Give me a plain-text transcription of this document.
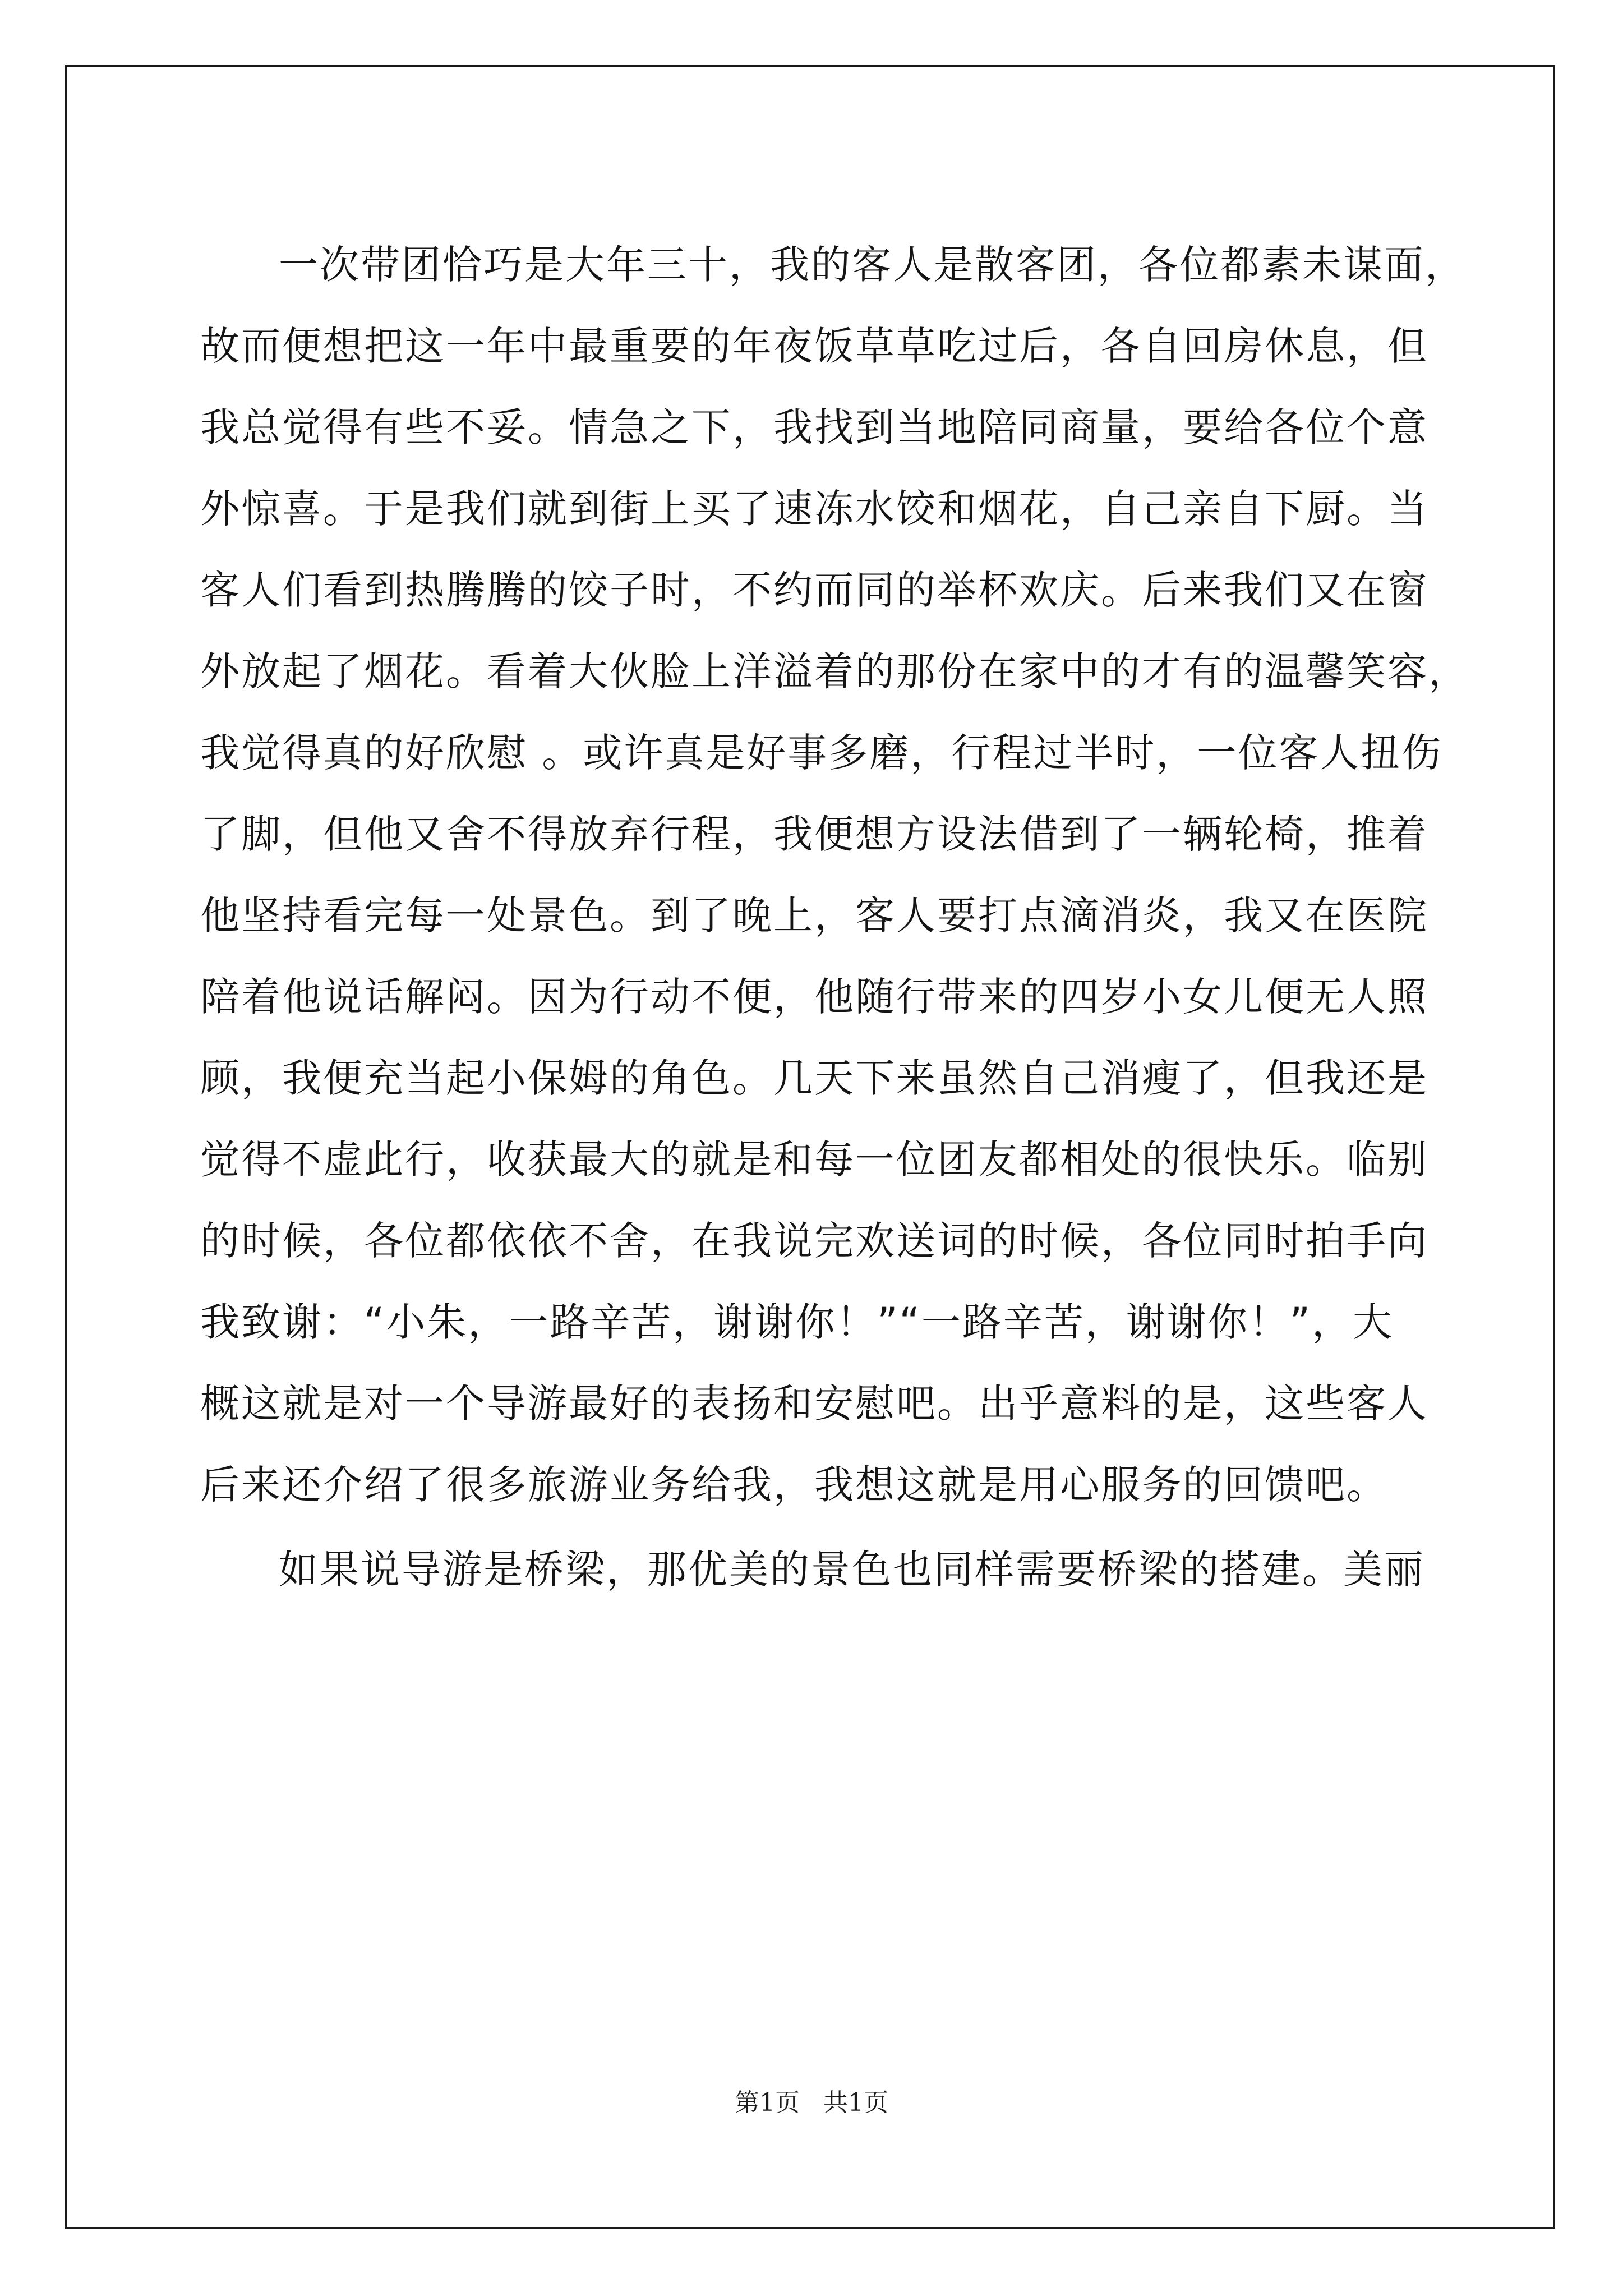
一次带团恰巧是大年三十，我的客人是散客团，各位都素未谋面，
故而便想把这一年中最重要的年夜饭草草吃过后，各自回房休息，但
我总觉得有些不妥。情急之下，我找到当地陪同商量，要给各位个意
外惊喜。于是我们就到街上买了速冻水饺和烟花，自己亲自下厨。当
客人们看到热腾腾的饺子时，不约而同的举杯欢庆。后来我们又在窗
外放起了烟花。看着大伙脸上洋溢着的那份在家中的才有的温馨笑容，
我觉得真的好欣慰 。或许真是好事多磨，行程过半时，一位客人扭伤
了脚，但他又舍不得放弃行程，我便想方设法借到了一辆轮椅，推着
他坚持看完每一处景色。到了晚上，客人要打点滴消炎，我又在医院
陪着他说话解闷。因为行动不便，他随行带来的四岁小女儿便无人照
顾，我便充当起小保姆的角色。几天下来虽然自己消瘦了，但我还是
觉得不虚此行，收获最大的就是和每一位团友都相处的很快乐。临别
的时候，各位都依依不舍，在我说完欢送词的时候，各位同时拍手向
我致谢：“小朱，一路辛苦，谢谢你！”“一路辛苦，谢谢你！”，大
概这就是对一个导游最好的表扬和安慰吧。出乎意料的是，这些客人
后来还介绍了很多旅游业务给我，我想这就是用心服务的回馈吧。
如果说导游是桥梁，那优美的景色也同样需要桥梁的搭建。美丽
第1页   共1页
